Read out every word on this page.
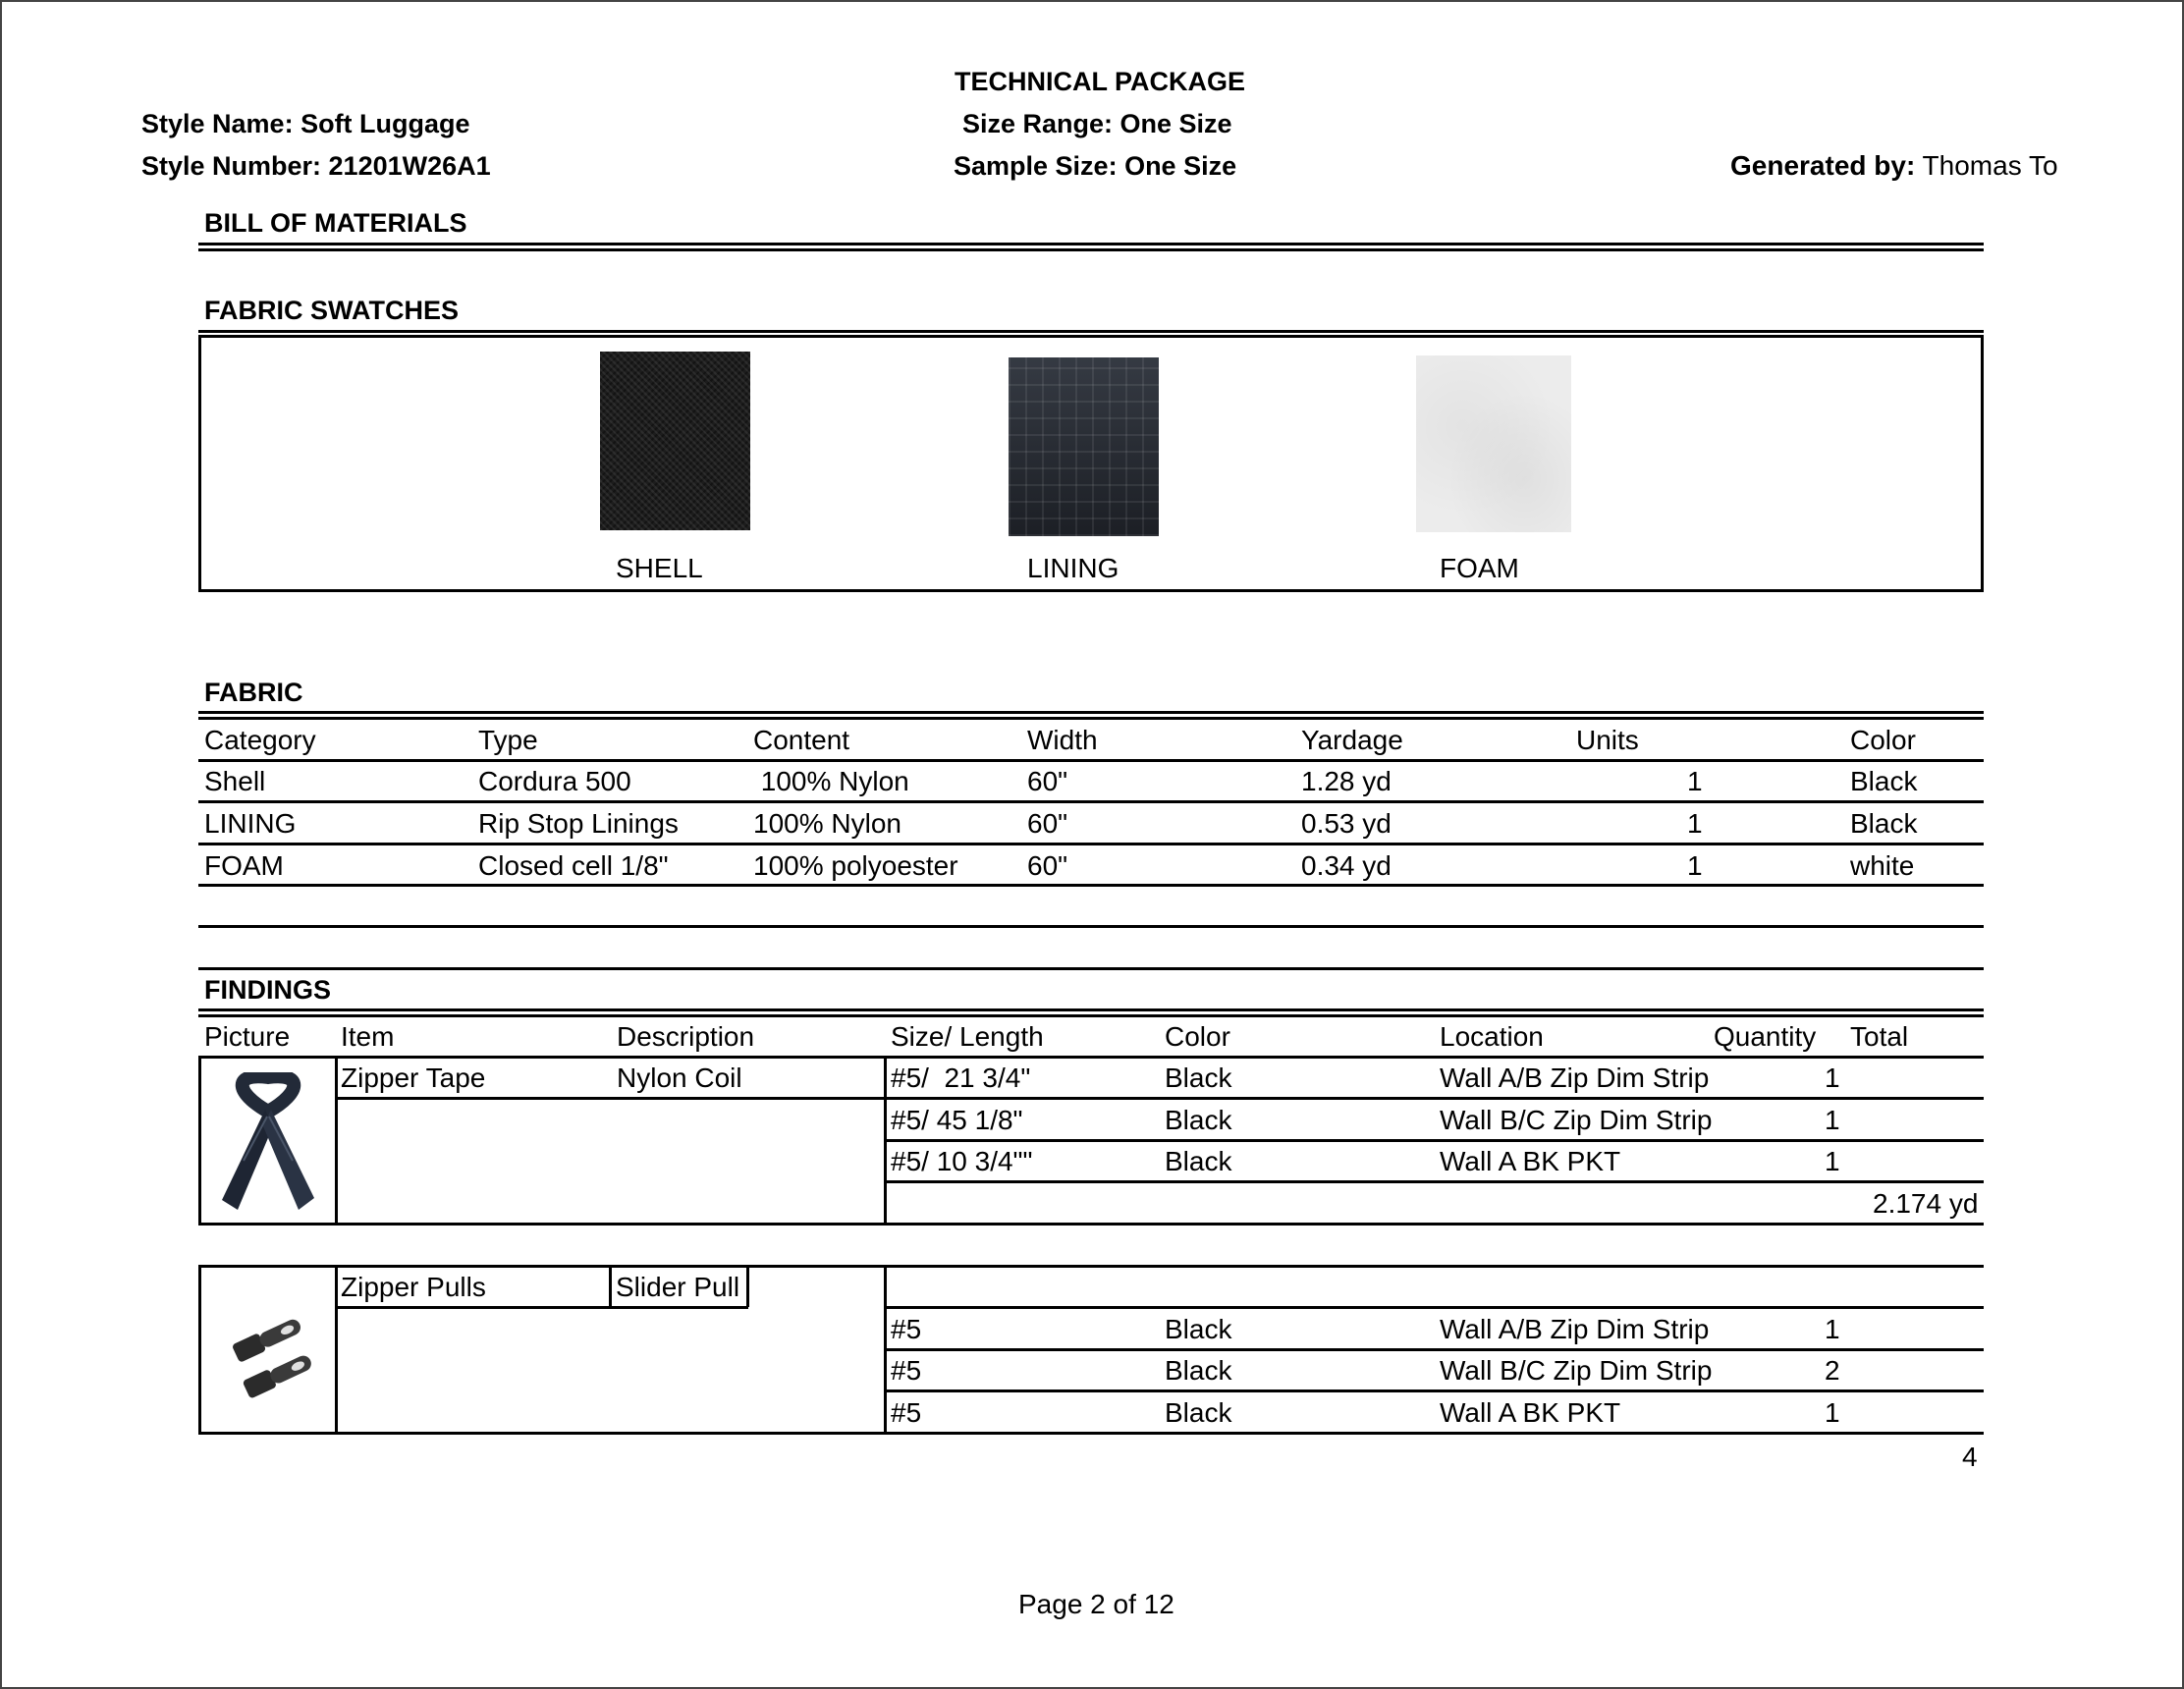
TECHNICAL PACKAGE
Style Name: Soft Luggage	Size Range: One Size
Style Number: 21201W26A1	Sample Size: One Size	Generated by: Thomas To
BILL OF MATERIALS
FABRIC SWATCHES
SHELL	LINING	FOAM
FABRIC
Category	Type	Content	Width	Yardage	Units	Color
Shell	Cordura 500	100% Nylon	60"	1.28 yd	1	Black
LINING	Rip Stop Linings	100% Nylon	60"	0.53 yd	1	Black
FOAM	Closed cell 1/8"	100% polyoester	60"	0.34 yd	1	white
FINDINGS
Picture Item	Description	Size/ Length	Color	Location	Quantity Total
Zipper Tape	Nylon Coil	#5/  21 3/4"	Black	Wall A/B Zip Dim Strip	1
#5/ 45 1/8"	Black	Wall B/C Zip Dim Strip	1
#5/ 10 3/4""	Black	Wall A BK PKT	1
2.174 yd
Zipper Pulls	Slider Pull
#5	Black	Wall A/B Zip Dim Strip	1
#5	Black	Wall B/C Zip Dim Strip	2
#5	Black	Wall A BK PKT	1
4
Page 2 of 12
